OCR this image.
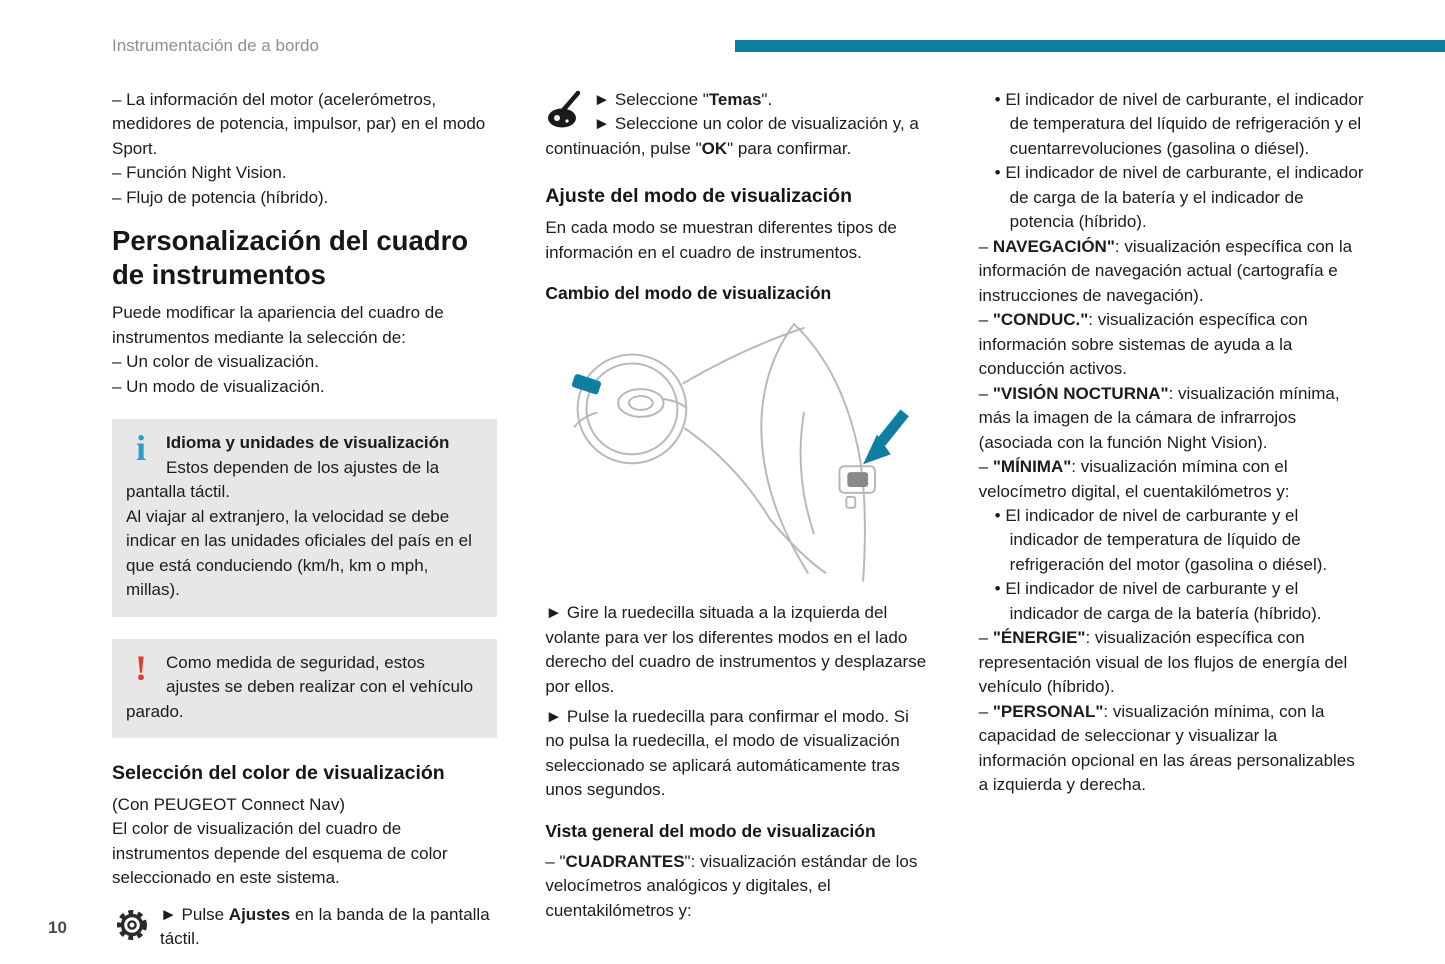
Instrumentación de a bordo

– La información del motor (acelerómetros, medidores de potencia, impulsor, par) en el modo Sport.

– Función Night Vision.

– Flujo de potencia (híbrido).

Personalización del cuadro de instrumentos

Puede modificar la apariencia del cuadro de instrumentos mediante la selección de:

– Un color de visualización.

– Un modo de visualización.

i	Idioma y unidades de visualización

Estos dependen de los ajustes de la pantalla táctil.

Al viajar al extranjero, la velocidad se debe indicar en las unidades oficiales del país en el que está conduciendo (km/h, km o mph, millas).

!	Como medida de seguridad, estos ajustes se deben realizar con el vehículo parado.

Selección del color de visualización

(Con PEUGEOT Connect Nav)

El color de visualización del cuadro de instrumentos depende del esquema de color seleccionado en este sistema.

► Pulse Ajustes en la banda de la pantalla táctil.

► Seleccione "Temas".

► Seleccione un color de visualización y, a continuación, pulse "OK" para confirmar.

Ajuste del modo de visualización

En cada modo se muestran diferentes tipos de información en el cuadro de instrumentos.

Cambio del modo de visualización

► Gire la ruedecilla situada a la izquierda del volante para ver los diferentes modos en el lado derecho del cuadro de instrumentos y desplazarse por ellos.

► Pulse la ruedecilla para confirmar el modo. Si no pulsa la ruedecilla, el modo de visualización seleccionado se aplicará automáticamente tras unos segundos.

Vista general del modo de visualización

– "CUADRANTES": visualización estándar de los velocímetros analógicos y digitales, el cuentakilómetros y:

• El indicador de nivel de carburante, el indicador de temperatura del líquido de refrigeración y el cuentarrevoluciones (gasolina o diésel).

• El indicador de nivel de carburante, el indicador de carga de la batería y el indicador de potencia (híbrido).

– NAVEGACIÓN": visualización específica con la información de navegación actual (cartografía e instrucciones de navegación).

– "CONDUC.": visualización específica con información sobre sistemas de ayuda a la conducción activos.

– "VISIÓN NOCTURNA": visualización mínima, más la imagen de la cámara de infrarrojos (asociada con la función Night Vision).

– "MÍNIMA": visualización mímina con el velocímetro digital, el cuentakilómetros y:

• El indicador de nivel de carburante y el indicador de temperatura de líquido de refrigeración del motor (gasolina o diésel).

• El indicador de nivel de carburante y el indicador de carga de la batería (híbrido).

– "ÉNERGIE": visualización específica con representación visual de los flujos de energía del vehículo (híbrido).

– "PERSONAL": visualización mínima, con la capacidad de seleccionar y visualizar la información opcional en las áreas personalizables a izquierda y derecha.

10
